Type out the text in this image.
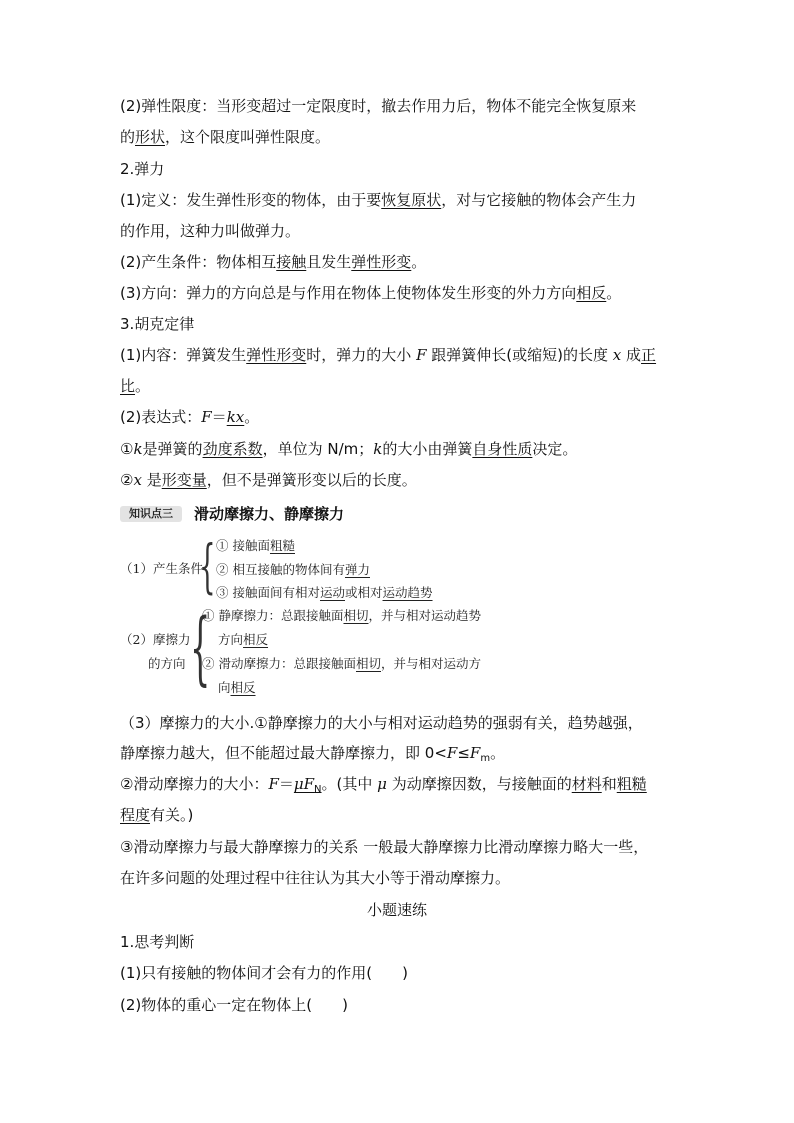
(2)弹性限度：当形变超过一定限度时，撤去作用力后，物体不能完全恢复原来
的形状，这个限度叫弹性限度。
2.弹力
(1)定义：发生弹性形变的物体，由于要恢复原状，对与它接触的物体会产生力
的作用，这种力叫做弹力。
(2)产生条件：物体相互接触且发生弹性形变。
(3)方向：弹力的方向总是与作用在物体上使物体发生形变的外力方向相反。
3.胡克定律
(1)内容：弹簧发生弹性形变时，弹力的大小 F 跟弹簧伸长(或缩短)的长度 x 成正
比。
(2)表达式：F＝kx。
①k是弹簧的劲度系数，单位为 N/m；k的大小由弹簧自身性质决定。
②x 是形变量，但不是弹簧形变以后的长度。
知识点三	滑动摩擦力、静摩擦力
（1）产生条件
{ ① 接触面粗糙
② 相互接触的物体间有弹力
③ 接触面间有相对运动或相对运动趋势
（2）摩擦力
的方向 {
① 静摩擦力：总跟接触面相切，并与相对运动趋势
方向相反
② 滑动摩擦力：总跟接触面相切，并与相对运动方
向相反
（3）摩擦力的大小.①静摩擦力的大小与相对运动趋势的强弱有关，趋势越强，
静摩擦力越大，但不能超过最大静摩擦力，即 $0<F\le F_m$。
②滑动摩擦力的大小：$F=\mu F_N$。(其中 μ 为动摩擦因数，与接触面的材料和粗糙
程度有关。)
③滑动摩擦力与最大静摩擦力的关系 一般最大静摩擦力比滑动摩擦力略大一些，
在许多问题的处理过程中往往认为其大小等于滑动摩擦力。
小题速练
1.思考判断
(1)只有接触的物体间才会有力的作用(　　)
(2)物体的重心一定在物体上(　　)
